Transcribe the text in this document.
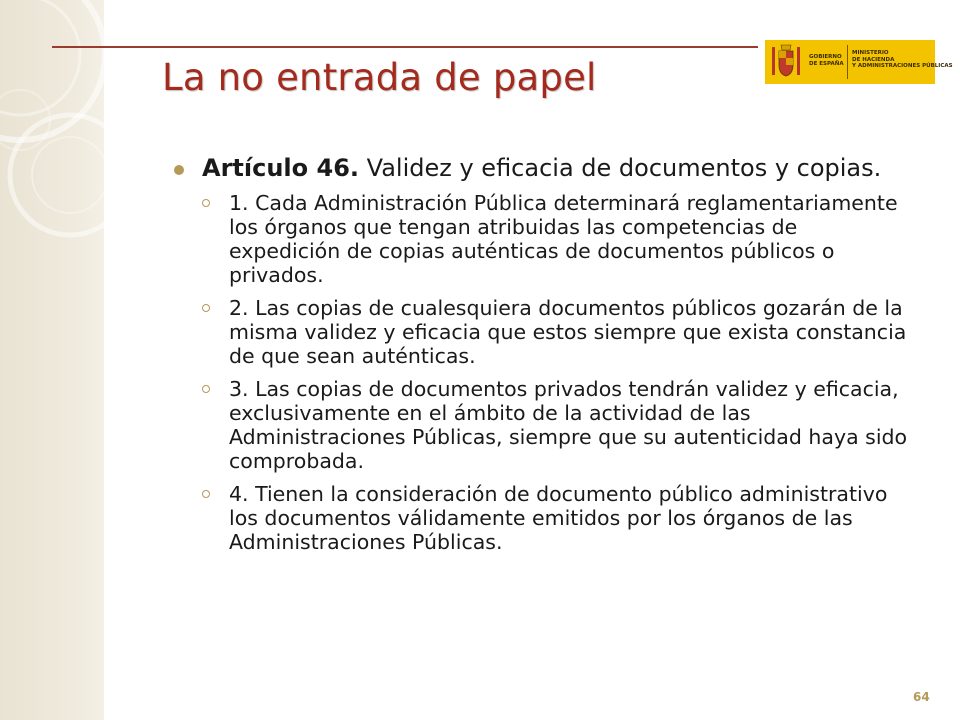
La no entrada de papel	GOBIERNO
DE ESPAÑA
MINISTERIO
DE HACIENDA
Y ADMINISTRACIONES PÚBLICAS
Artículo 46. Validez y eficacia de documentos y copias.
1. Cada Administración Pública determinará reglamentariamente los órganos que tengan atribuidas las competencias de expedición de copias auténticas de documentos públicos o privados.
2. Las copias de cualesquiera documentos públicos gozarán de la misma validez y eficacia que estos siempre que exista constancia de que sean auténticas.
3. Las copias de documentos privados tendrán validez y eficacia, exclusivamente en el ámbito de la actividad de las Administraciones Públicas, siempre que su autenticidad haya sido comprobada.
4. Tienen la consideración de documento público administrativo los documentos válidamente emitidos por los órganos de las Administraciones Públicas.
64
